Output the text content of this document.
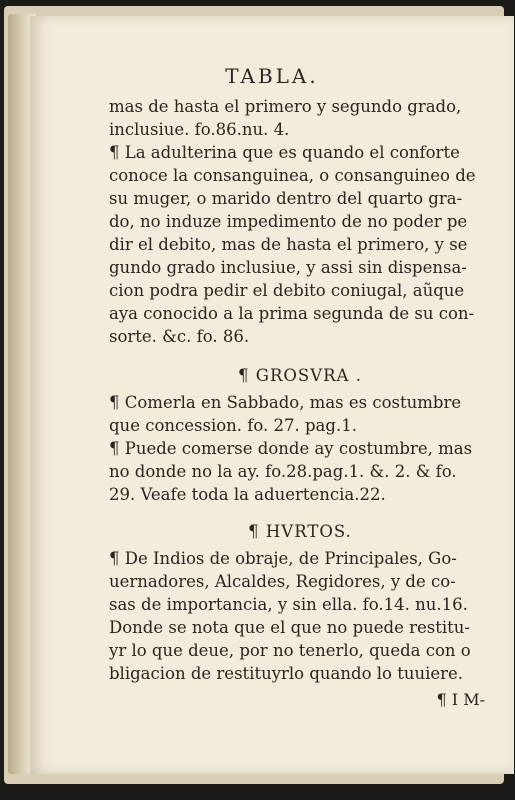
TABLA.

mas de hasta el primero y segundo grado,
inclusiue. fo.86.nu. 4.
¶ La adulterina que es quando el conforte
conoce la consanguinea, o consanguineo de
su muger, o marido dentro del quarto gra-
do, no induze impedimento de no poder pe
dir el debito, mas de hasta el primero, y se
gundo grado inclusiue, y assi sin dispensa-
cion podra pedir el debito coniugal, aũque
aya conocido a la prima segunda de su con-
sorte. &c. fo. 86.

¶ GROSVRA .

¶ Comerla en Sabbado, mas es costumbre
que concession. fo. 27. pag.1.
¶ Puede comerse donde ay costumbre, mas
no donde no la ay. fo.28.pag.1. &. 2. & fo.
29. Veafe toda la aduertencia.22.

¶ HVRTOS.

¶ De Indios de obraje, de Principales, Go-
uernadores, Alcaldes, Regidores, y de co-
sas de importancia, y sin ella. fo.14. nu.16.
Donde se nota que el que no puede restitu-
yr lo que deue, por no tenerlo, queda con o
bligacion de restituyrlo quando lo tuuiere.

¶ I M-
